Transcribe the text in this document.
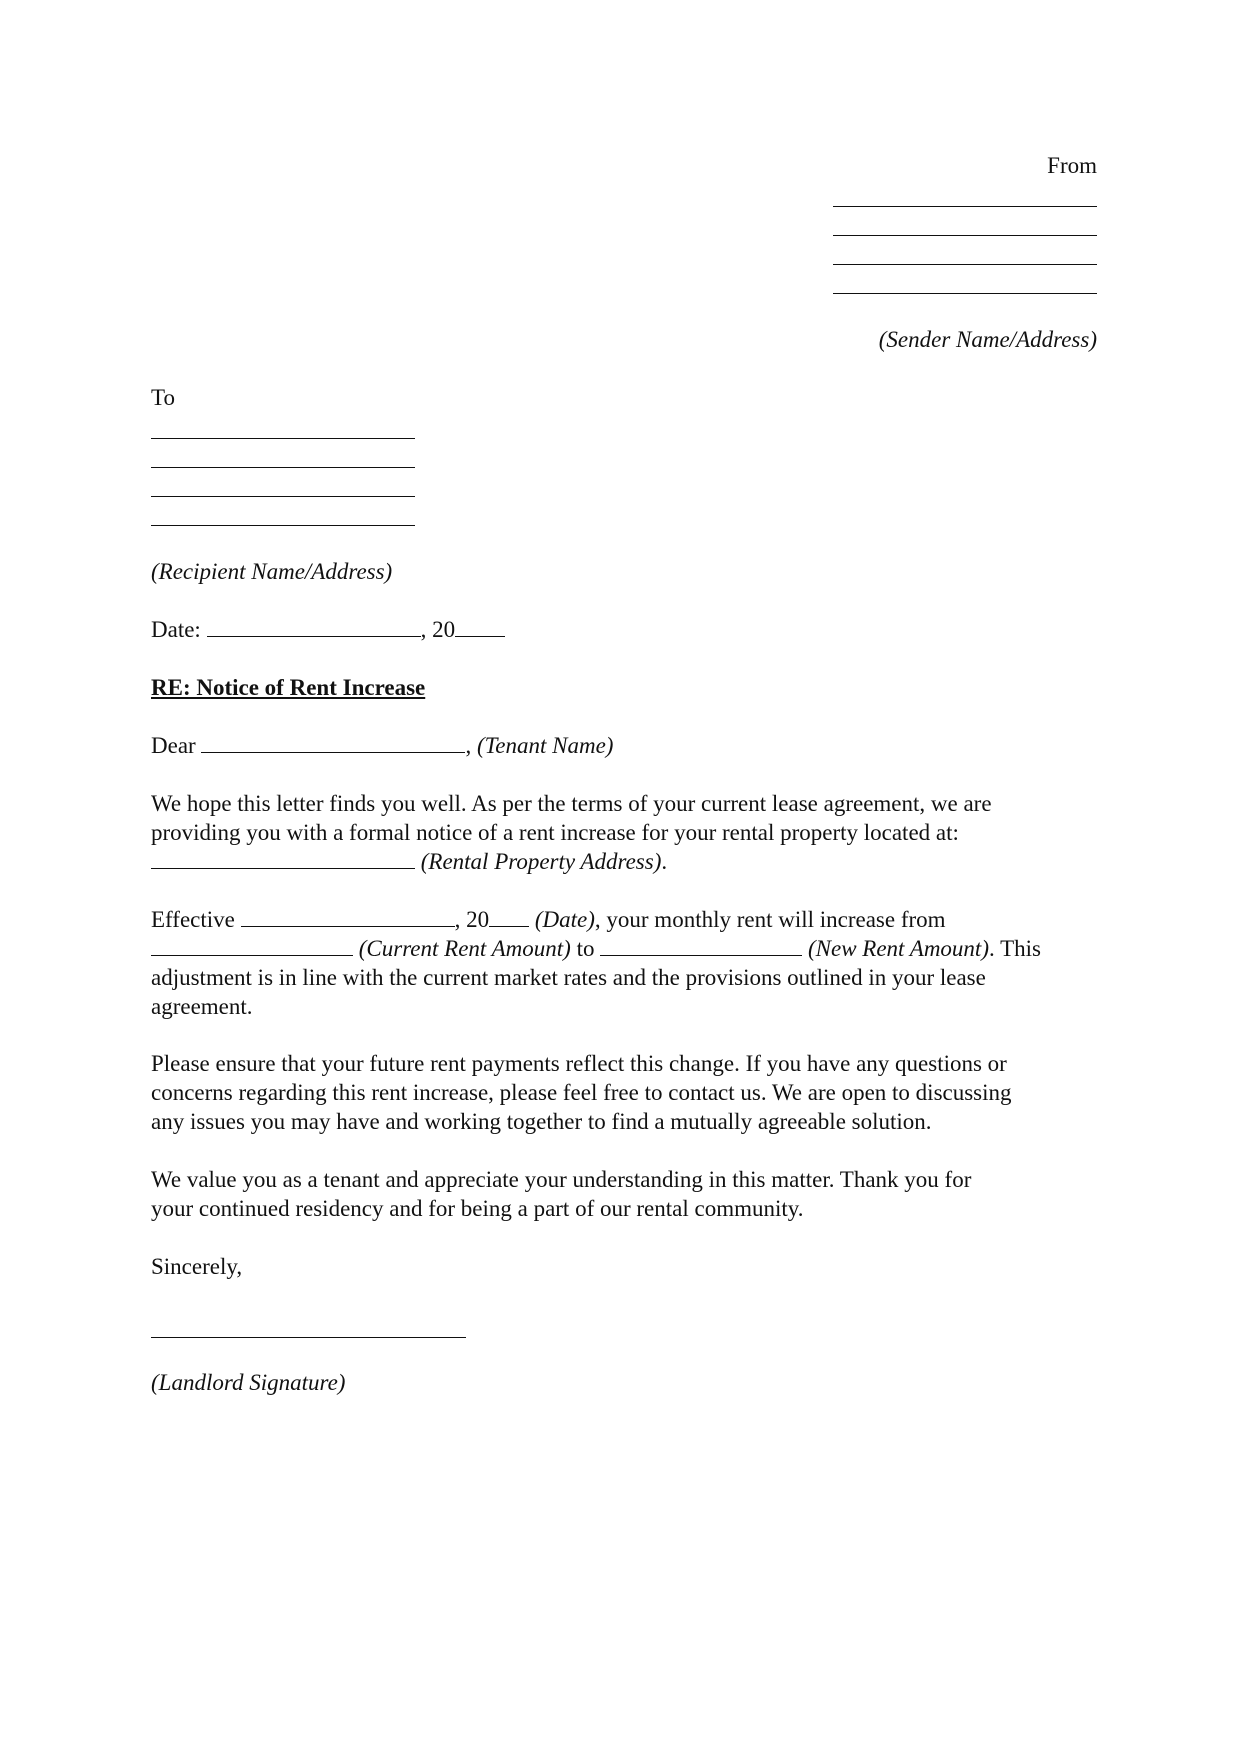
From
(Sender Name/Address)
To
(Recipient Name/Address)
Date:	, 20
RE: Notice of Rent Increase
Dear	, (Tenant Name)
We hope this letter finds you well. As per the terms of your current lease agreement, we are
providing you with a formal notice of a rent increase for your rental property located at:
(Rental Property Address).
Effective	, 20 (Date), your monthly rent will increase from
(Current Rent Amount) to	(New Rent Amount). This
adjustment is in line with the current market rates and the provisions outlined in your lease
agreement.
Please ensure that your future rent payments reflect this change. If you have any questions or
concerns regarding this rent increase, please feel free to contact us. We are open to discussing
any issues you may have and working together to find a mutually agreeable solution.
We value you as a tenant and appreciate your understanding in this matter. Thank you for
your continued residency and for being a part of our rental community.
Sincerely,
(Landlord Signature)
